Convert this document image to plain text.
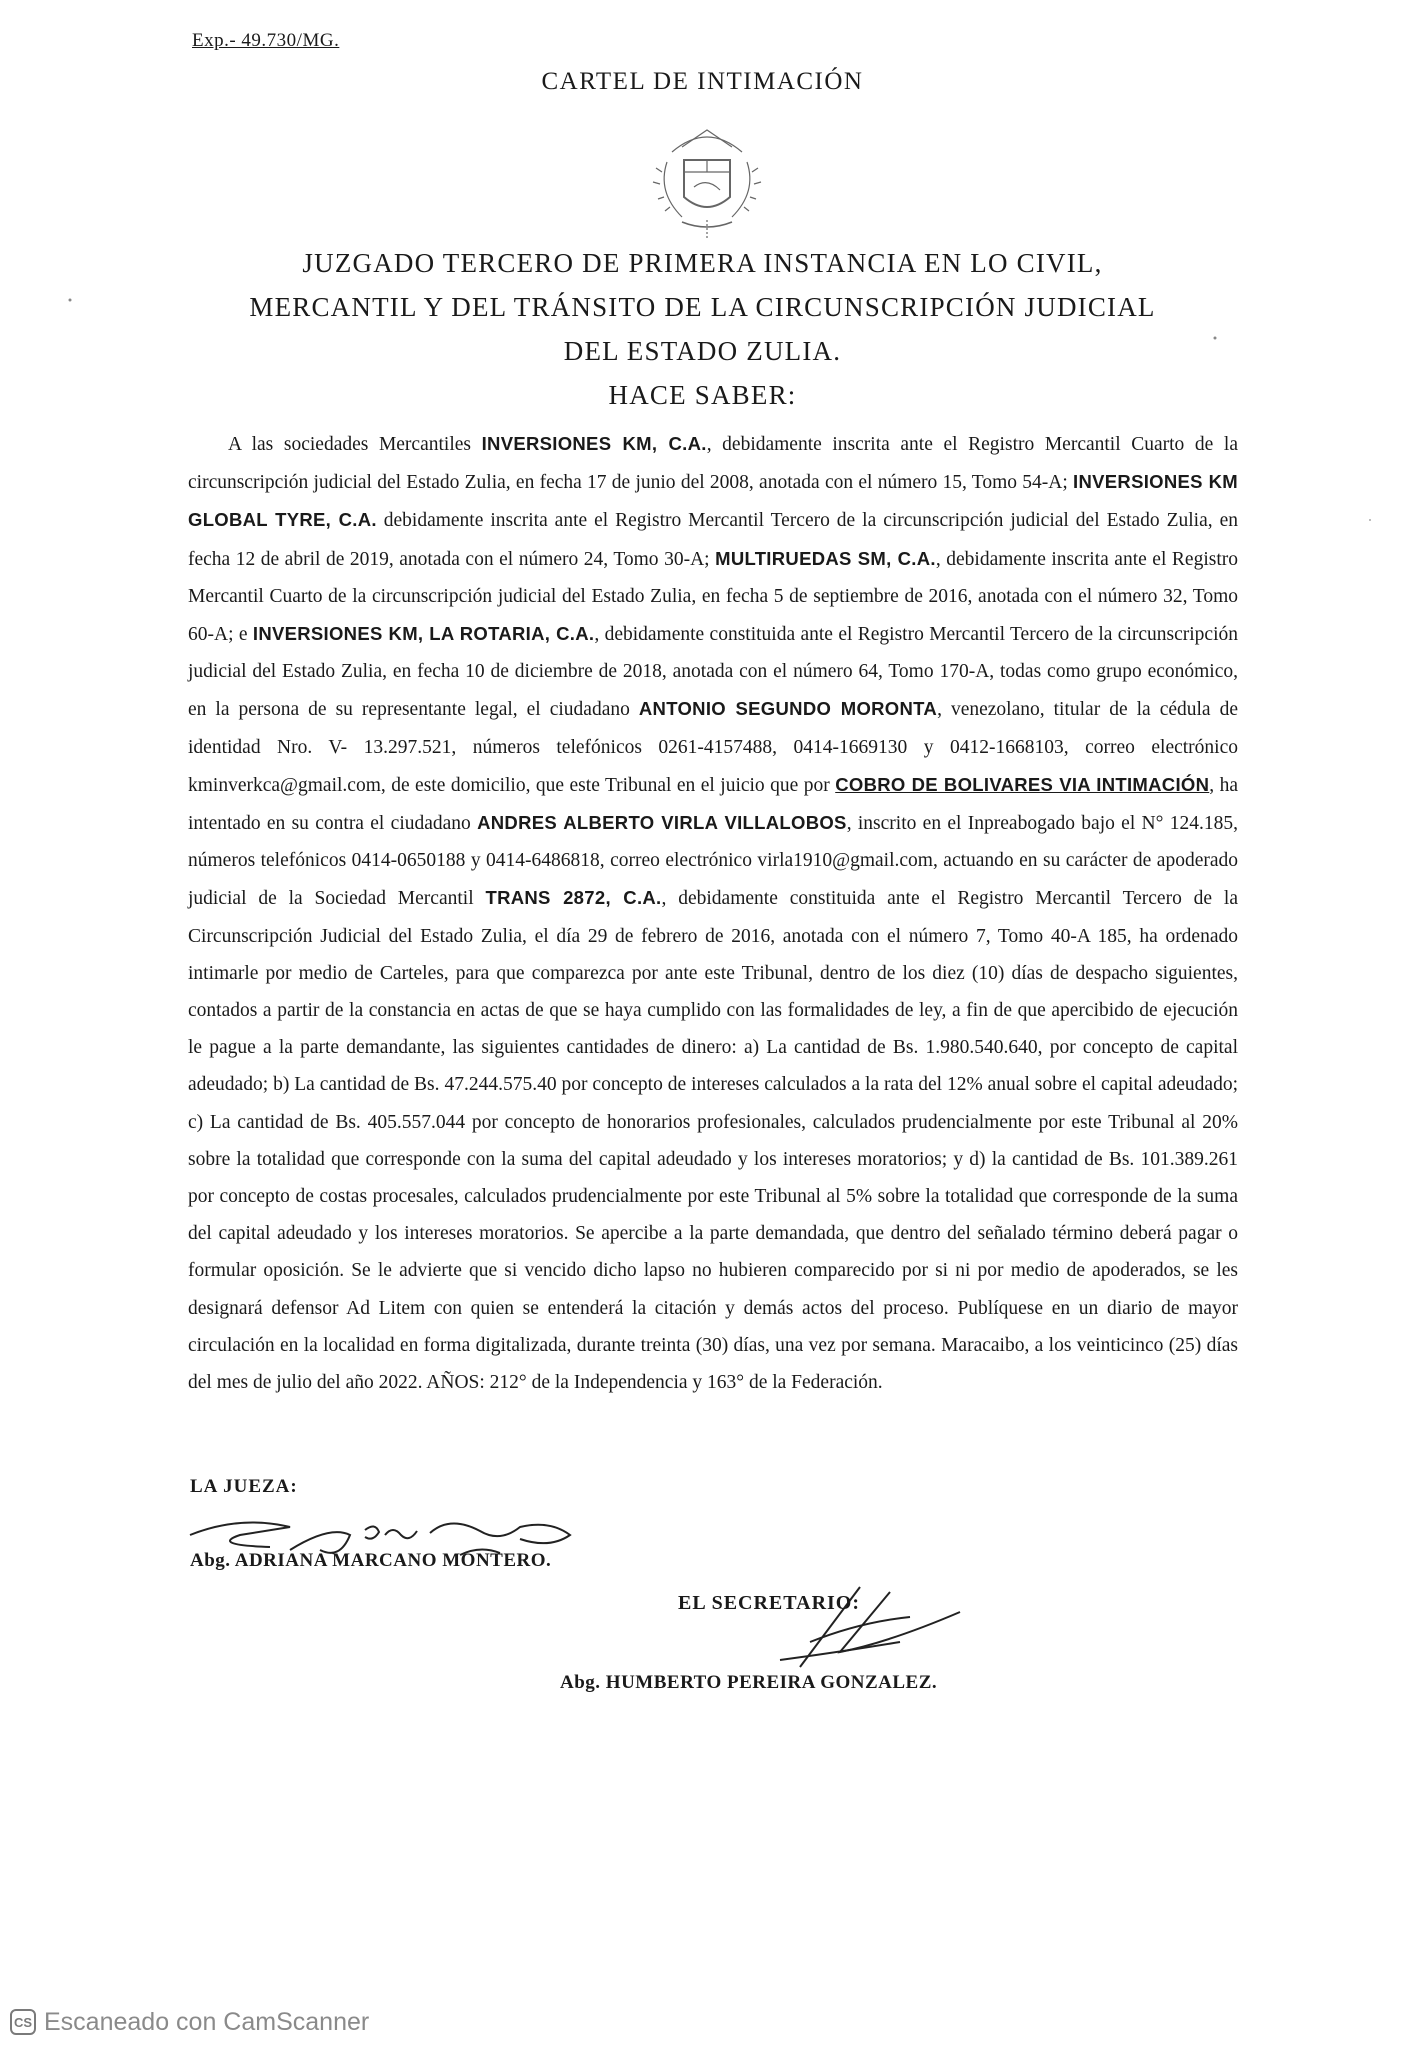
Exp.- 49.730/MG.
CARTEL DE INTIMACIÓN
JUZGADO TERCERO DE PRIMERA INSTANCIA EN LO CIVIL,
MERCANTIL Y DEL TRÁNSITO DE LA CIRCUNSCRIPCIÓN JUDICIAL
DEL ESTADO ZULIA.
HACE SABER:
A las sociedades Mercantiles INVERSIONES KM, C.A., debidamente inscrita ante el Registro Mercantil Cuarto de la circunscripción judicial del Estado Zulia, en fecha 17 de junio del 2008, anotada con el número 15, Tomo 54-A; INVERSIONES KM GLOBAL TYRE, C.A. debidamente inscrita ante el Registro Mercantil Tercero de la circunscripción judicial del Estado Zulia, en fecha 12 de abril de 2019, anotada con el número 24, Tomo 30-A; MULTIRUEDAS SM, C.A., debidamente inscrita ante el Registro Mercantil Cuarto de la circunscripción judicial del Estado Zulia, en fecha 5 de septiembre de 2016, anotada con el número 32, Tomo 60-A; e INVERSIONES KM, LA ROTARIA, C.A., debidamente constituida ante el Registro Mercantil Tercero de la circunscripción judicial del Estado Zulia, en fecha 10 de diciembre de 2018, anotada con el número 64, Tomo 170-A, todas como grupo económico, en la persona de su representante legal, el ciudadano ANTONIO SEGUNDO MORONTA, venezolano, titular de la cédula de identidad Nro. V- 13.297.521, números telefónicos 0261-4157488, 0414-1669130 y 0412-1668103, correo electrónico kminverkca@gmail.com, de este domicilio, que este Tribunal en el juicio que por COBRO DE BOLIVARES VIA INTIMACIÓN, ha intentado en su contra el ciudadano ANDRES ALBERTO VIRLA VILLALOBOS, inscrito en el Inpreabogado bajo el N° 124.185, números telefónicos 0414-0650188 y 0414-6486818, correo electrónico virla1910@gmail.com, actuando en su carácter de apoderado judicial de la Sociedad Mercantil TRANS 2872, C.A., debidamente constituida ante el Registro Mercantil Tercero de la Circunscripción Judicial del Estado Zulia, el día 29 de febrero de 2016, anotada con el número 7, Tomo 40-A 185, ha ordenado intimarle por medio de Carteles, para que comparezca por ante este Tribunal, dentro de los diez (10) días de despacho siguientes, contados a partir de la constancia en actas de que se haya cumplido con las formalidades de ley, a fin de que apercibido de ejecución le pague a la parte demandante, las siguientes cantidades de dinero: a) La cantidad de Bs. 1.980.540.640, por concepto de capital adeudado; b) La cantidad de Bs. 47.244.575.40 por concepto de intereses calculados a la rata del 12% anual sobre el capital adeudado; c) La cantidad de Bs. 405.557.044 por concepto de honorarios profesionales, calculados prudencialmente por este Tribunal al 20% sobre la totalidad que corresponde con la suma del capital adeudado y los intereses moratorios; y d) la cantidad de Bs. 101.389.261 por concepto de costas procesales, calculados prudencialmente por este Tribunal al 5% sobre la totalidad que corresponde de la suma del capital adeudado y los intereses moratorios. Se apercibe a la parte demandada, que dentro del señalado término deberá pagar o formular oposición. Se le advierte que si vencido dicho lapso no hubieren comparecido por si ni por medio de apoderados, se les designará defensor Ad Litem con quien se entenderá la citación y demás actos del proceso. Publíquese en un diario de mayor circulación en la localidad en forma digitalizada, durante treinta (30) días, una vez por semana. Maracaibo, a los veinticinco (25) días del mes de julio del año 2022. AÑOS: 212° de la Independencia y 163° de la Federación.
LA JUEZA:
Abg. ADRIANA MARCANO MONTERO.
EL SECRETARIO:
Abg. HUMBERTO PEREIRA GONZALEZ.
CS Escaneado con CamScanner
